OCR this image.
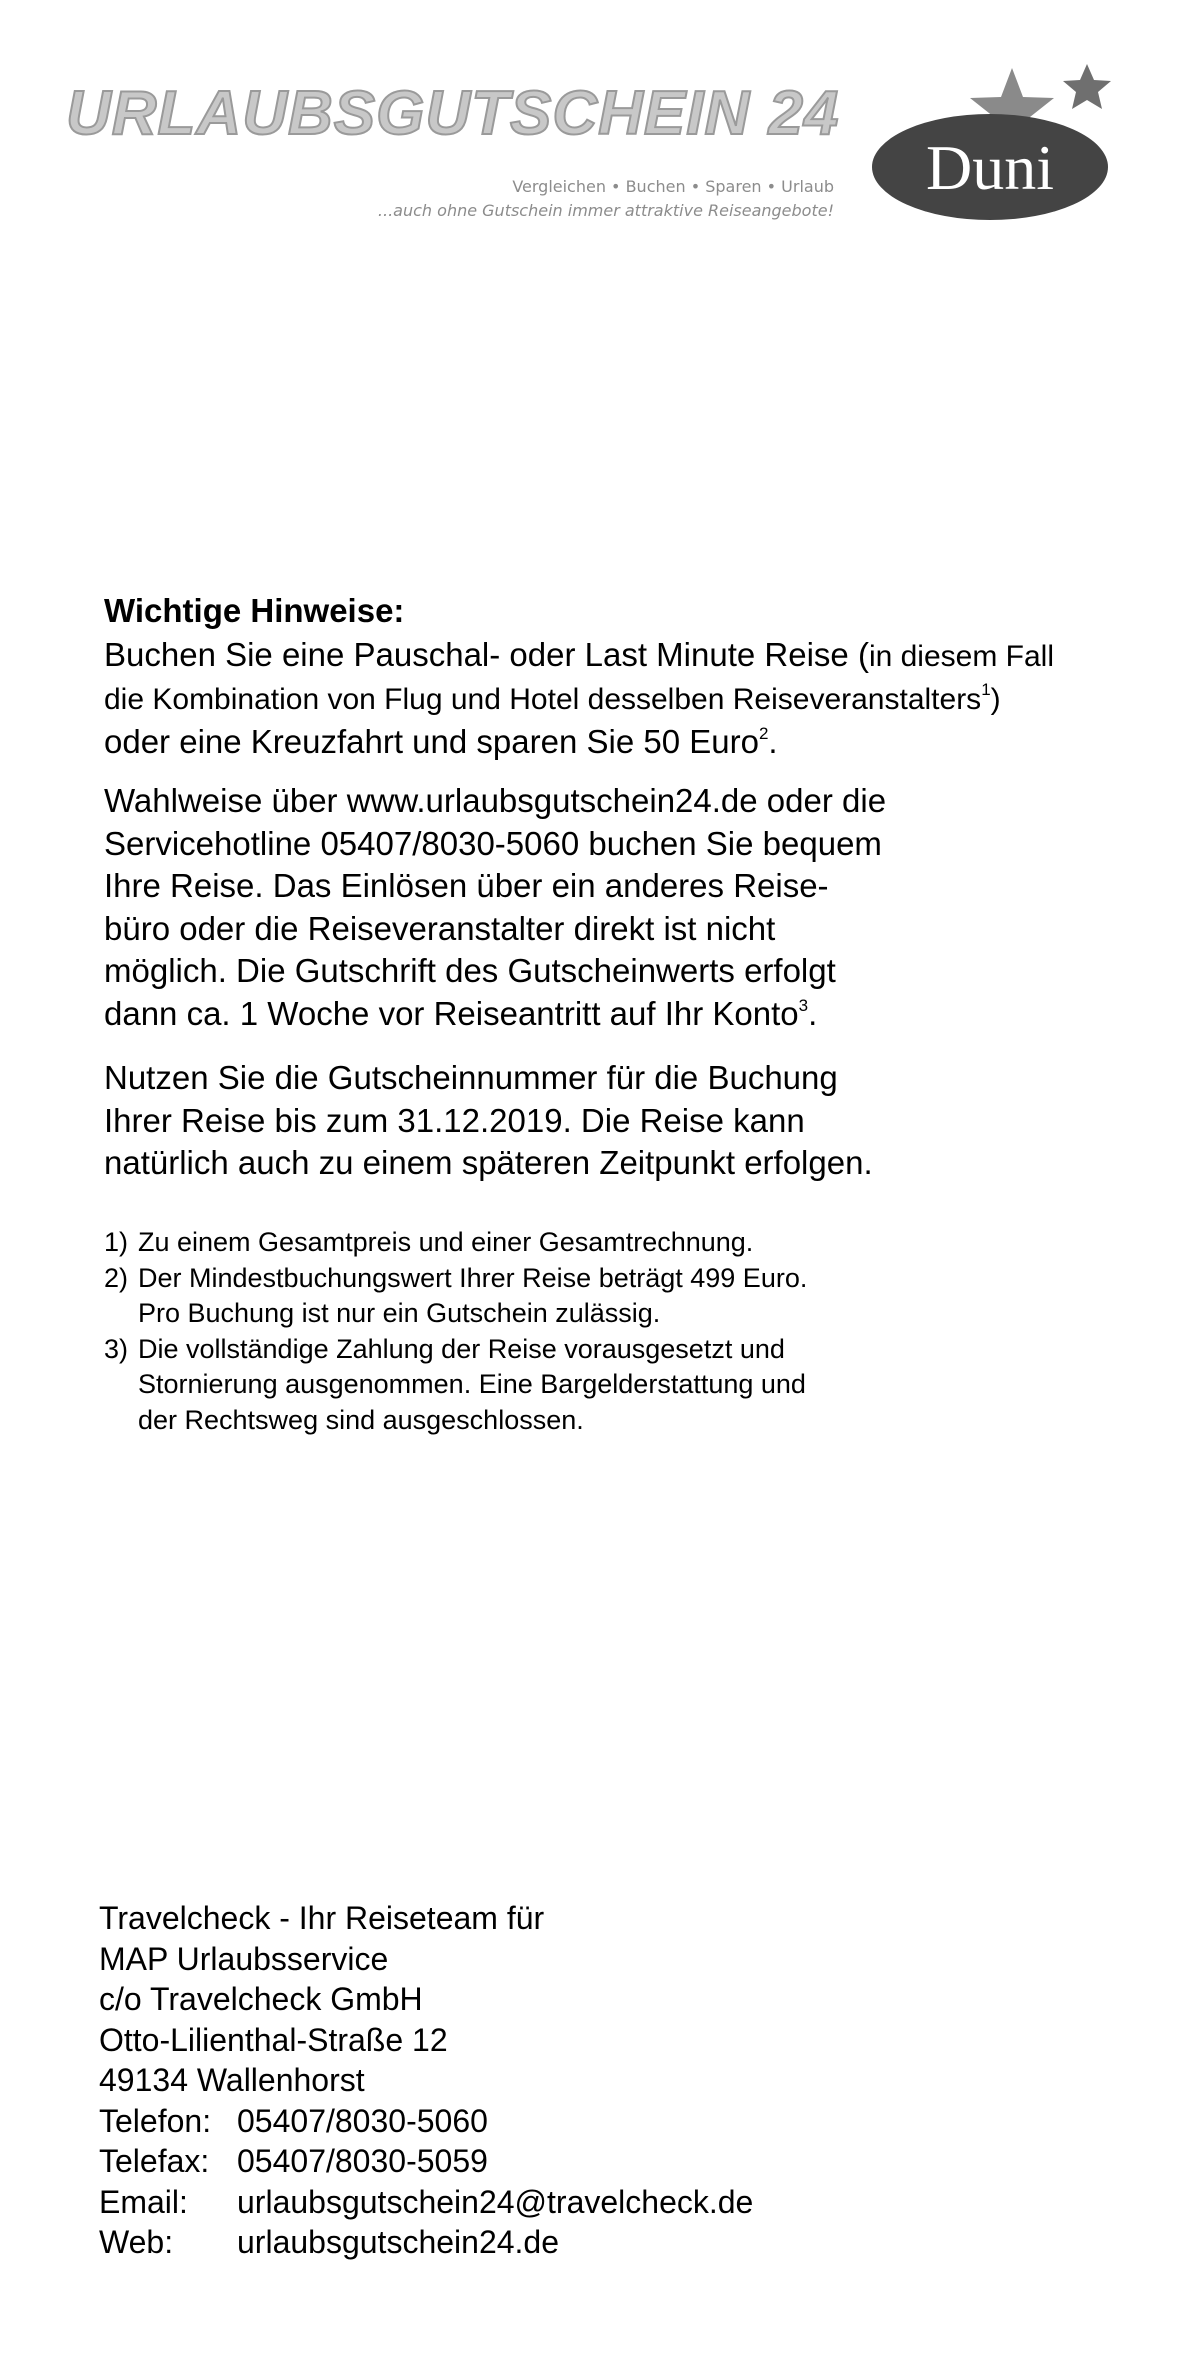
URLAUBSGUTSCHEIN 24
Vergleichen • Buchen • Sparen • Urlaub
...auch ohne Gutschein immer attraktive Reiseangebote!
Duni
Wichtige Hinweise:
Buchen Sie eine Pauschal- oder Last Minute Reise (in diesem Fall
die Kombination von Flug und Hotel desselben Reiseveranstalters$^1$)
oder eine Kreuzfahrt und sparen Sie 50 Euro$^2$.
Wahlweise über www.urlaubsgutschein24.de oder die
Servicehotline 05407/8030-5060 buchen Sie bequem
Ihre Reise. Das Einlösen über ein anderes Reise-
büro oder die Reiseveranstalter direkt ist nicht
möglich. Die Gutschrift des Gutscheinwerts erfolgt
dann ca. 1 Woche vor Reiseantritt auf Ihr Konto$^3$.
Nutzen Sie die Gutscheinnummer für die Buchung
Ihrer Reise bis zum 31.12.2019. Die Reise kann
natürlich auch zu einem späteren Zeitpunkt erfolgen.
1) Zu einem Gesamtpreis und einer Gesamtrechnung.
2) Der Mindestbuchungswert Ihrer Reise beträgt 499 Euro.
Pro Buchung ist nur ein Gutschein zulässig.
3) Die vollständige Zahlung der Reise vorausgesetzt und
Stornierung ausgenommen. Eine Bargelderstattung und
der Rechtsweg sind ausgeschlossen.
Travelcheck - Ihr Reiseteam für
MAP Urlaubsservice
c/o Travelcheck GmbH
Otto-Lilienthal-Straße 12
49134 Wallenhorst
Telefon: 05407/8030-5060
Telefax: 05407/8030-5059
Email:	urlaubsgutschein24@travelcheck.de
Web:	urlaubsgutschein24.de
